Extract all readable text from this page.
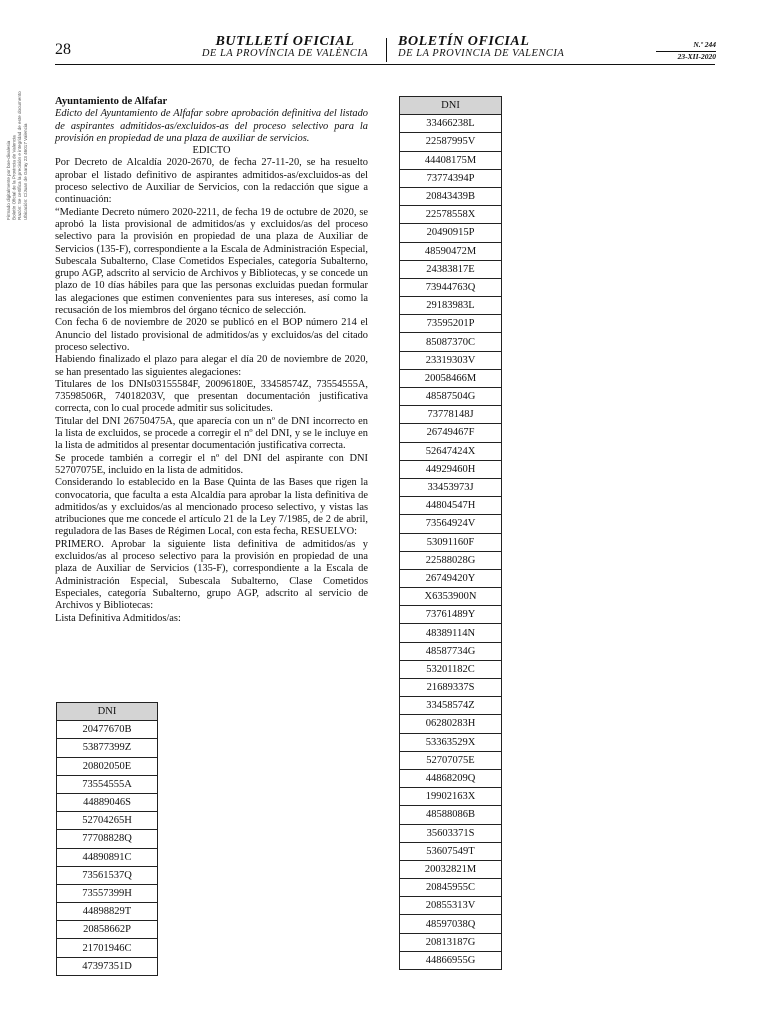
Firmado digitalmente por boe-divalesia Boletín Oficial de la Provincia de Valencia Razón: Se certifica la precisión e integridad de este documento Ubicación: C/Juan de Garay 23 46017 Valencia
28	BUTLLETÍ OFICIAL
DE LA PROVÍNCIA DE VALÈNCIA
BOLETÍN OFICIAL
DE LA PROVINCIA DE VALENCIA
N.º 244
23-XII-2020

Ayuntamiento de Alfafar

Edicto del Ayuntamiento de Alfafar sobre aprobación definitiva del listado de aspirantes admitidos-as/excluidos-as del proceso selectivo para la provisión en propiedad de una plaza de auxiliar de servicios.

EDICTO

Por Decreto de Alcaldía 2020-2670, de fecha 27-11-20, se ha resuelto aprobar el listado definitivo de aspirantes admitidos-as/excluidos-as del proceso selectivo de Auxiliar de Servicios, con la redacción que sigue a continuación:

“Mediante Decreto número 2020-2211, de fecha 19 de octubre de 2020, se aprobó la lista provisional de admitidos/as y excluidos/as del proceso selectivo para la provisión en propiedad de una plaza de Auxiliar de Servicios (135-F), correspondiente a la Escala de Administración Especial, Subescala Subalterno, Clase Cometidos Especiales, categoría Subalterno, grupo AGP, adscrito al servicio de Archivos y Bibliotecas, y se concede un plazo de 10 días hábiles para que las personas excluidas puedan formular las alegaciones que estimen convenientes para sus intereses, así como la recusación de los miembros del órgano técnico de selección.

Con fecha 6 de noviembre de 2020 se publicó en el BOP número 214 el Anuncio del listado provisional de admitidos/as y excluidos/as del citado proceso selectivo.

Habiendo finalizado el plazo para alegar el día 20 de noviembre de 2020, se han presentado las siguientes alegaciones:

Titulares de los DNIs03155584F, 20096180E, 33458574Z, 73554555A, 73598506R, 74018203V, que presentan documentación justificativa correcta, con lo cual procede admitir sus solicitudes.

Titular del DNI 26750475A, que aparecía con un nº de DNI incorrecto en la lista de excluidos, se procede a corregir el nº del DNI, y se le incluye en la lista de admitidos al presentar documentación justificativa correcta.

Se procede también a corregir el nº del DNI del aspirante con DNI 52707075E, incluido en la lista de admitidos.

Considerando lo establecido en la Base Quinta de las Bases que rigen la convocatoria, que faculta a esta Alcaldía para aprobar la lista definitiva de admitidos/as y excluidos/as al mencionado proceso selectivo, y vistas las atribuciones que me concede el artículo 21 de la Ley 7/1985, de 2 de abril, reguladora de las Bases de Régimen Local, con esta fecha, RESUELVO:

PRIMERO. Aprobar la siguiente lista definitiva de admitidos/as y excluidos/as al proceso selectivo para la provisión en propiedad de una plaza de Auxiliar de Servicios (135-F), correspondiente a la Escala de Administración Especial, Subescala Subalterno, Clase Cometidos Especiales, categoría Subalterno, grupo AGP, adscrito al servicio de Archivos y Bibliotecas:

Lista Definitiva Admitidos/as:

DNI
20477670B
53877399Z
20802050E
73554555A
44889046S
52704265H
77708828Q
44890891C
73561537Q
73557399H
44898829T
20858662P
21701946C
47397351D
DNI
33466238L
22587995V
44408175M
73774394P
20843439B
22578558X
20490915P
48590472M
24383817E
73944763Q
29183983L
73595201P
85087370C
23319303V
20058466M
48587504G
73778148J
26749467F
52647424X
44929460H
33453973J
44804547H
73564924V
53091160F
22588028G
26749420Y
X6353900N
73761489Y
48389114N
48587734G
53201182C
21689337S
33458574Z
06280283H
53363529X
52707075E
44868209Q
19902163X
48588086B
35603371S
53607549T
20032821M
20845955C
20855313V
48597038Q
20813187G
44866955G
